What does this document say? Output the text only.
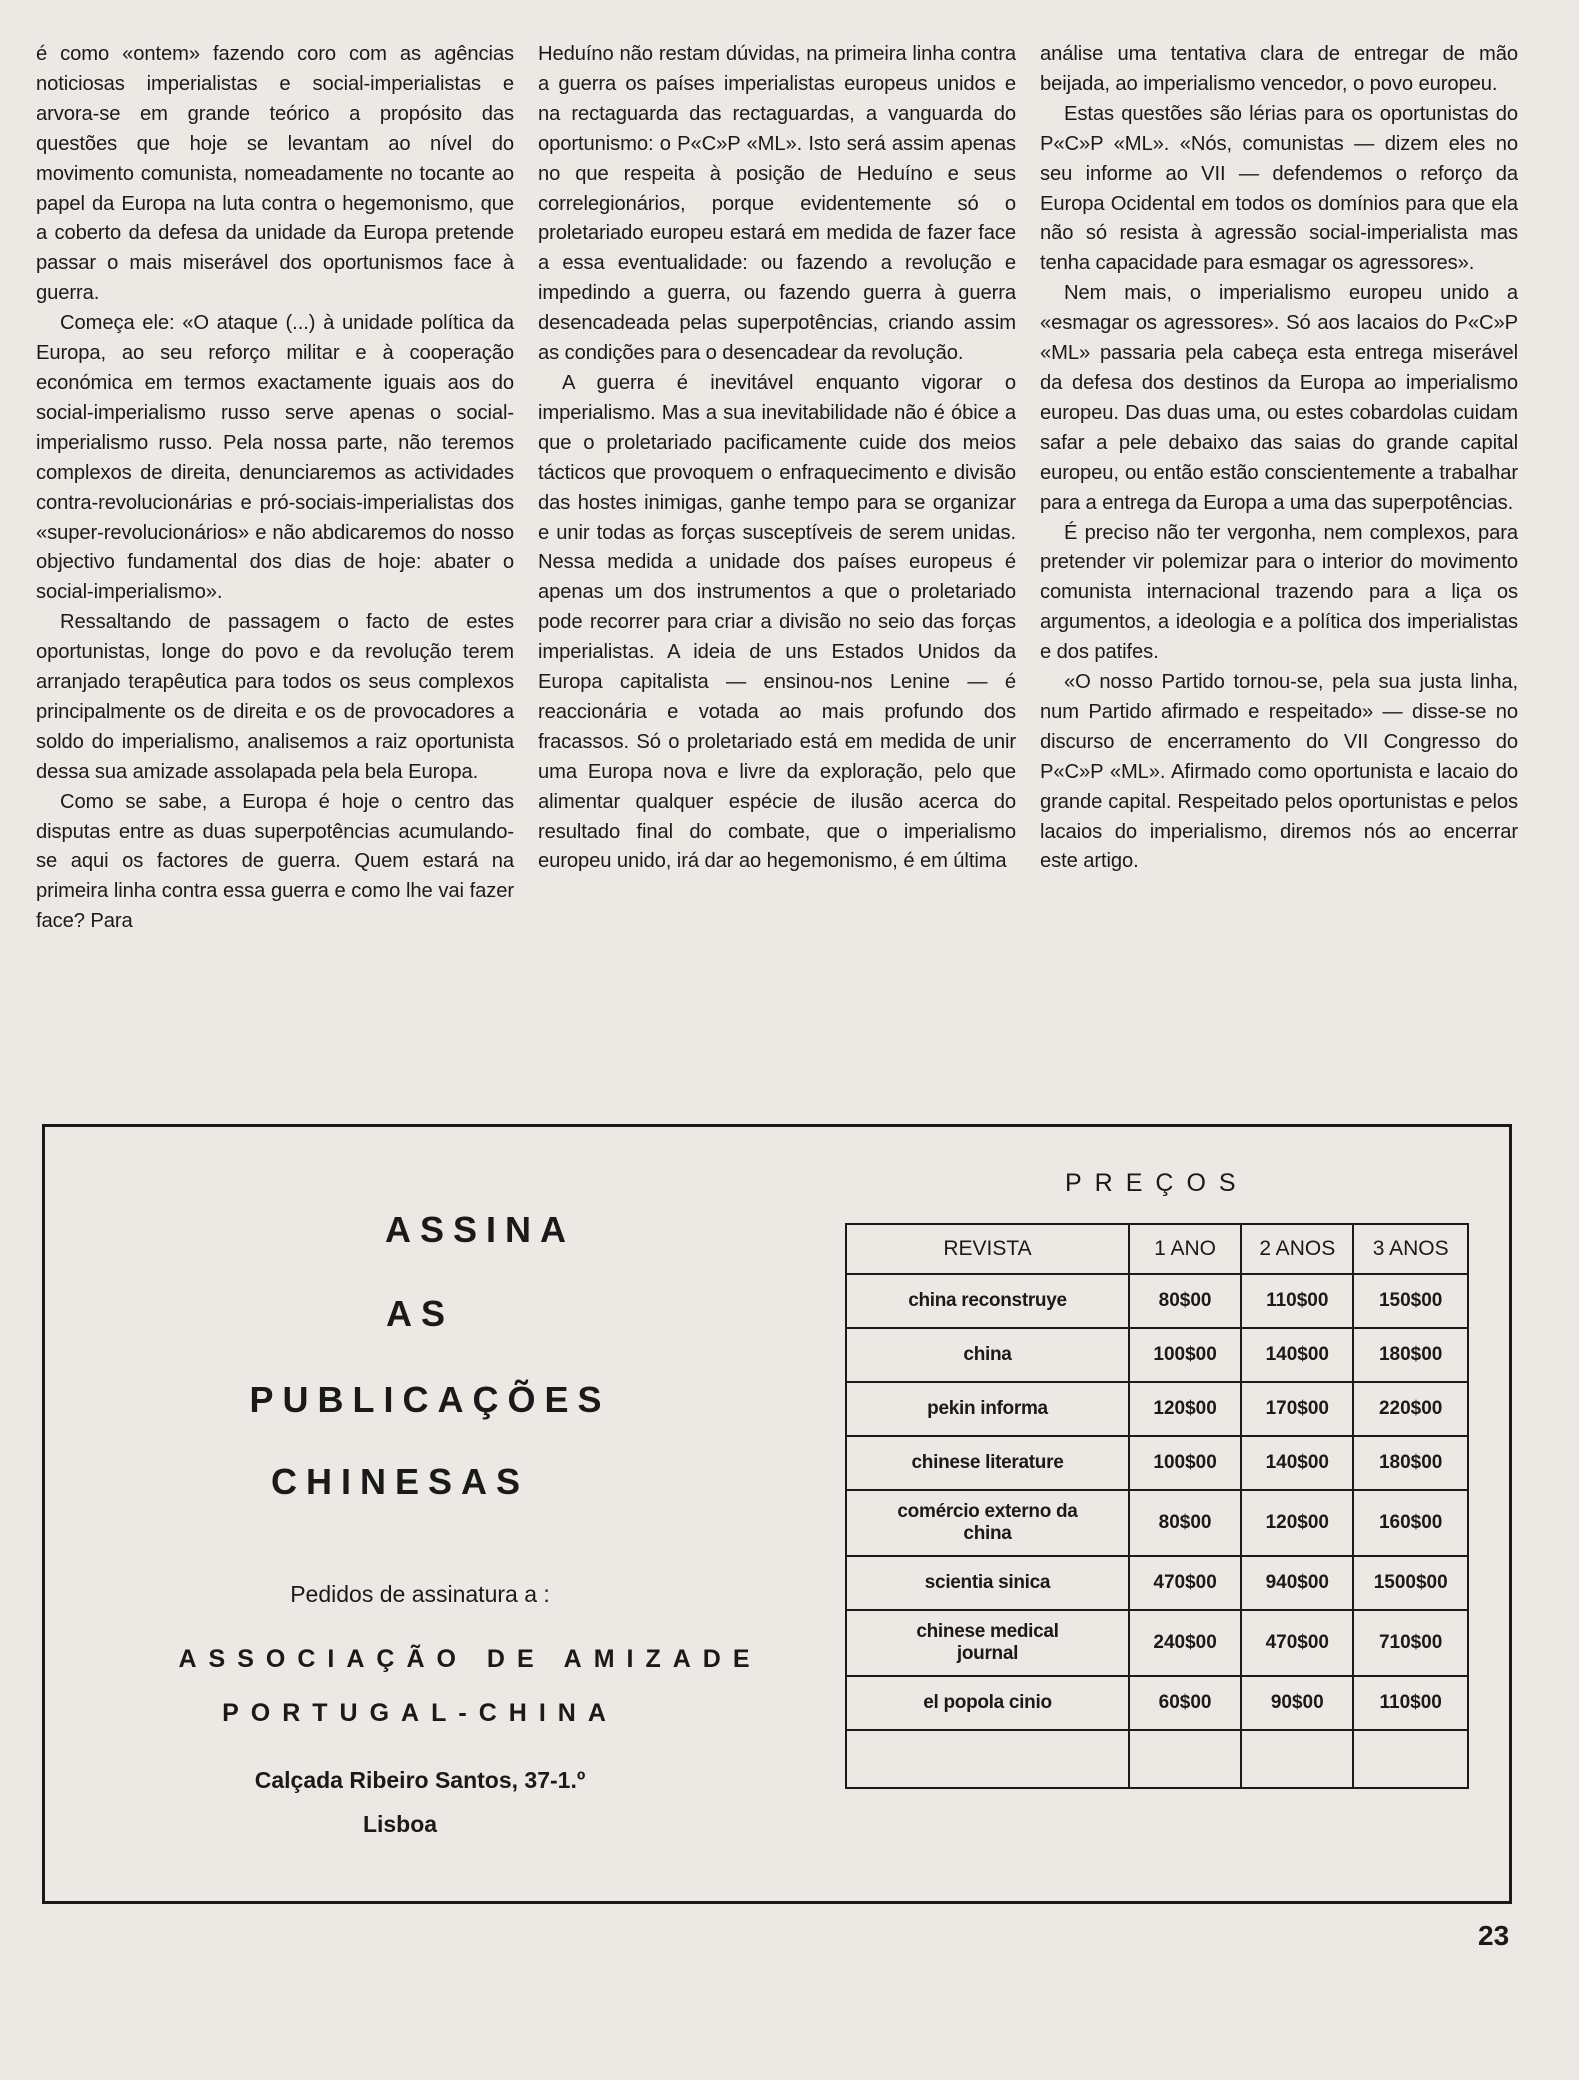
é como «ontem» fazendo coro com as agências noticiosas imperialistas e social-imperialistas e arvora-se em grande teórico a propósito das questões que hoje se levantam ao nível do movimento comunista, nomeadamente no tocante ao papel da Europa na luta contra o hegemonismo, que a coberto da defesa da unidade da Europa pretende passar o mais miserável dos oportunismos face à guerra.

Começa ele: «O ataque (...) à unidade política da Europa, ao seu reforço militar e à cooperação económica em termos exactamente iguais aos do social-imperialismo russo serve apenas o social-imperialismo russo. Pela nossa parte, não teremos complexos de direita, denunciaremos as actividades contra-revolucionárias e pró-sociais-imperialistas dos «super-revolucionários» e não abdicaremos do nosso objectivo fundamental dos dias de hoje: abater o social-imperialismo».

Ressaltando de passagem o facto de estes oportunistas, longe do povo e da revolução terem arranjado terapêutica para todos os seus complexos principalmente os de direita e os de provocadores a soldo do imperialismo, analisemos a raiz oportunista dessa sua amizade assolapada pela bela Europa.

Como se sabe, a Europa é hoje o centro das disputas entre as duas superpotências acumulando-se aqui os factores de guerra. Quem estará na primeira linha contra essa guerra e como lhe vai fazer face? Para

Heduíno não restam dúvidas, na primeira linha contra a guerra os países imperialistas europeus unidos e na rectaguarda das rectaguardas, a vanguarda do oportunismo: o P«C»P «ML». Isto será assim apenas no que respeita à posição de Heduíno e seus correlegionários, porque evidentemente só o proletariado europeu estará em medida de fazer face a essa eventualidade: ou fazendo a revolução e impedindo a guerra, ou fazendo guerra à guerra desencadeada pelas superpotências, criando assim as condições para o desencadear da revolução.

A guerra é inevitável enquanto vigorar o imperialismo. Mas a sua inevitabilidade não é óbice a que o proletariado pacificamente cuide dos meios tácticos que provoquem o enfraquecimento e divisão das hostes inimigas, ganhe tempo para se organizar e unir todas as forças susceptíveis de serem unidas. Nessa medida a unidade dos países europeus é apenas um dos instrumentos a que o proletariado pode recorrer para criar a divisão no seio das forças imperialistas. A ideia de uns Estados Unidos da Europa capitalista — ensinou-nos Lenine — é reaccionária e votada ao mais profundo dos fracassos. Só o proletariado está em medida de unir uma Europa nova e livre da exploração, pelo que alimentar qualquer espécie de ilusão acerca do resultado final do combate, que o imperialismo europeu unido, irá dar ao hegemonismo, é em última

análise uma tentativa clara de entregar de mão beijada, ao imperialismo vencedor, o povo europeu.

Estas questões são lérias para os oportunistas do P«C»P «ML». «Nós, comunistas — dizem eles no seu informe ao VII — defendemos o reforço da Europa Ocidental em todos os domínios para que ela não só resista à agressão social-imperialista mas tenha capacidade para esmagar os agressores».

Nem mais, o imperialismo europeu unido a «esmagar os agressores». Só aos lacaios do P«C»P «ML» passaria pela cabeça esta entrega miserável da defesa dos destinos da Europa ao imperialismo europeu. Das duas uma, ou estes cobardolas cuidam safar a pele debaixo das saias do grande capital europeu, ou então estão conscientemente a trabalhar para a entrega da Europa a uma das superpotências.

É preciso não ter vergonha, nem complexos, para pretender vir polemizar para o interior do movimento comunista internacional trazendo para a liça os argumentos, a ideologia e a política dos imperialistas e dos patifes.

«O nosso Partido tornou-se, pela sua justa linha, num Partido afirmado e respeitado» — disse-se no discurso de encerramento do VII Congresso do P«C»P «ML». Afirmado como oportunista e lacaio do grande capital. Respeitado pelos oportunistas e pelos lacaios do imperialismo, diremos nós ao encerrar este artigo.

ASSINA
AS
PUBLICAÇÕES
CHINESAS
Pedidos de assinatura a :
ASSOCIAÇÃO DE AMIZADE
PORTUGAL-CHINA
Calçada Ribeiro Santos, 37-1.º
Lisboa
PREÇOS
REVISTA	1 ANO	2 ANOS	3 ANOS
china reconstruye	80$00	110$00	150$00
china	100$00	140$00	180$00
pekin informa	120$00	170$00	220$00
chinese literature	100$00	140$00	180$00
comércio externo da china	80$00	120$00	160$00
scientia sinica	470$00	940$00	1500$00
chinese medical journal	240$00	470$00	710$00
el popola cinio	60$00	90$00	110$00

23
